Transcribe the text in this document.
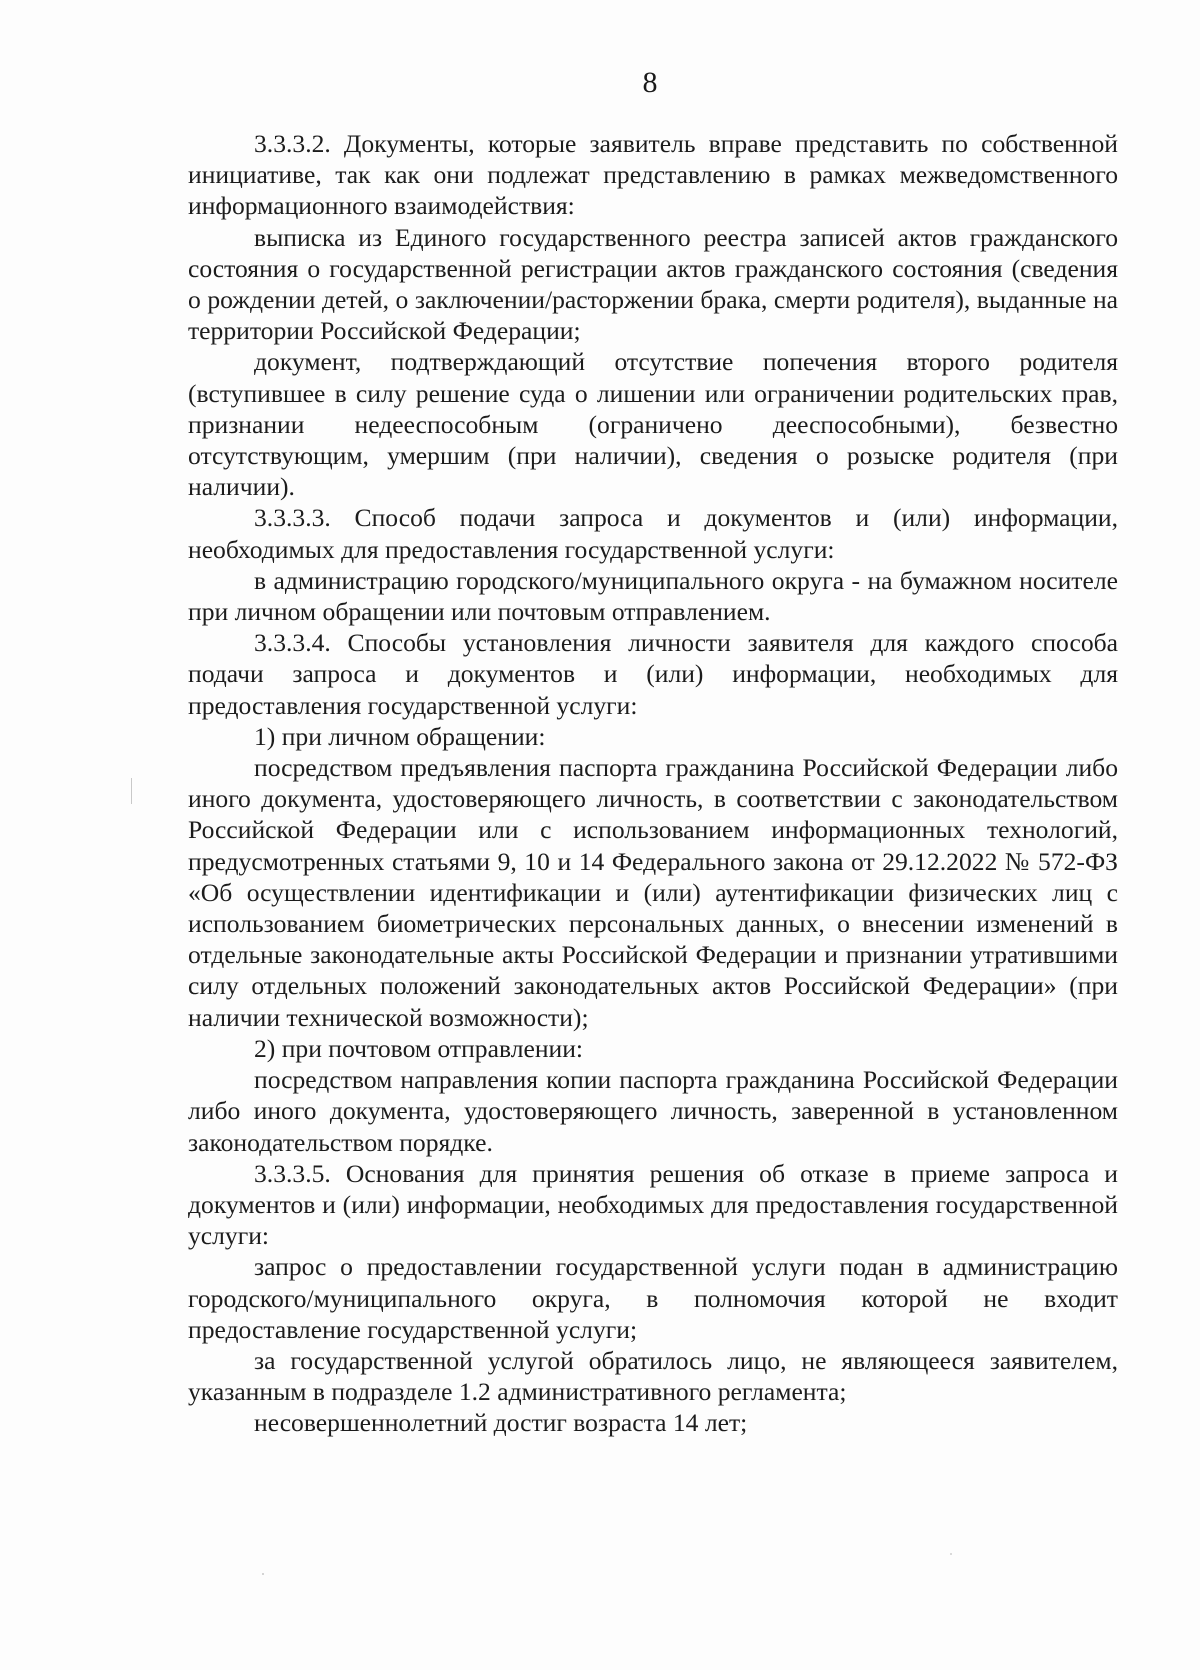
8

3.3.3.2. Документы, которые заявитель вправе представить по собственной инициативе, так как они подлежат представлению в рамках межведомственного информационного взаимодействия:

выписка из Единого государственного реестра записей актов гражданского состояния о государственной регистрации актов гражданского состояния (сведения о рождении детей, о заключении/расторжении брака, смерти родителя), выданные на территории Российской Федерации;

документ, подтверждающий отсутствие попечения второго родителя (вступившее в силу решение суда о лишении или ограничении родительских прав, признании недееспособным (ограничено дееспособными), безвестно отсутствующим, умершим (при наличии), сведения о розыске родителя (при наличии).

3.3.3.3. Способ подачи запроса и документов и (или) информации, необходимых для предоставления государственной услуги:

в администрацию городского/муниципального округа - на бумажном носителе при личном обращении или почтовым отправлением.

3.3.3.4. Способы установления личности заявителя для каждого способа подачи запроса и документов и (или) информации, необходимых для предоставления государственной услуги:

1) при личном обращении:

посредством предъявления паспорта гражданина Российской Федерации либо иного документа, удостоверяющего личность, в соответствии с законодательством Российской Федерации или с использованием информационных технологий, предусмотренных статьями 9, 10 и 14 Федерального закона от 29.12.2022 № 572-ФЗ «Об осуществлении идентификации и (или) аутентификации физических лиц с использованием биометрических персональных данных, о внесении изменений в отдельные законодательные акты Российской Федерации и признании утратившими силу отдельных положений законодательных актов Российской Федерации» (при наличии технической возможности);

2) при почтовом отправлении:

посредством направления копии паспорта гражданина Российской Федерации либо иного документа, удостоверяющего личность, заверенной в установленном законодательством порядке.

3.3.3.5. Основания для принятия решения об отказе в приеме запроса и документов и (или) информации, необходимых для предоставления государственной услуги:

запрос о предоставлении государственной услуги подан в администрацию городского/муниципального округа, в полномочия которой не входит предоставление государственной услуги;

за государственной услугой обратилось лицо, не являющееся заявителем, указанным в подразделе 1.2 административного регламента;

несовершеннолетний достиг возраста 14 лет;
